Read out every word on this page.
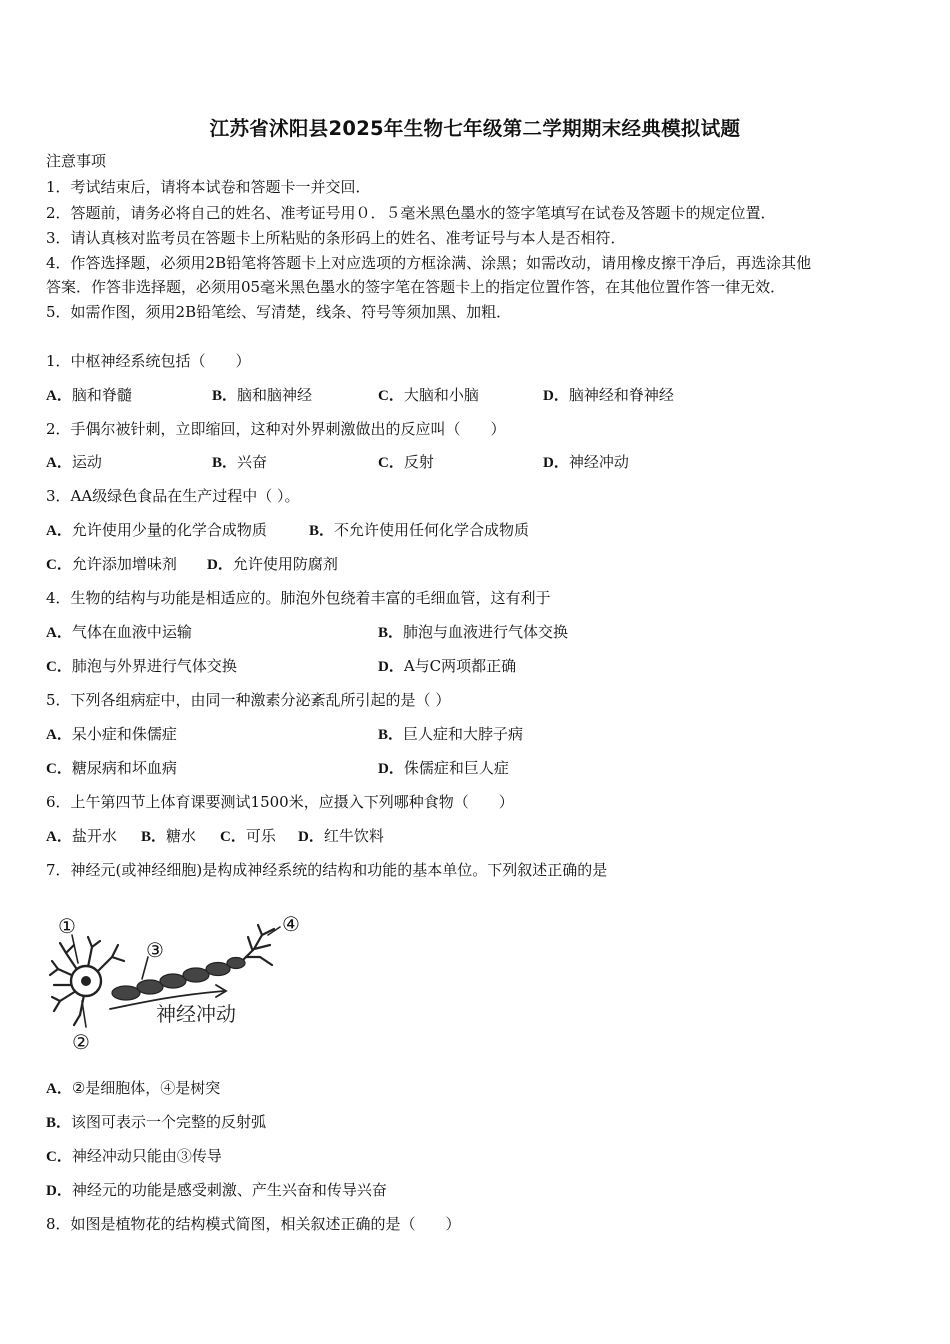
江苏省沭阳县2025年生物七年级第二学期期末经典模拟试题
注意事项
1．考试结束后，请将本试卷和答题卡一并交回．
2．答题前，请务必将自己的姓名、准考证号用０．５毫米黑色墨水的签字笔填写在试卷及答题卡的规定位置．
3．请认真核对监考员在答题卡上所粘贴的条形码上的姓名、准考证号与本人是否相符．
4．作答选择题，必须用2B铅笔将答题卡上对应选项的方框涂满、涂黑；如需改动，请用橡皮擦干净后，再选涂其他
答案．作答非选择题，必须用05毫米黑色墨水的签字笔在答题卡上的指定位置作答，在其他位置作答一律无效．
5．如需作图，须用2B铅笔绘、写清楚，线条、符号等须加黑、加粗．
1．中枢神经系统包括（　　）
A．脑和脊髓	B．脑和脑神经	C．大脑和小脑	D．脑神经和脊神经
2．手偶尔被针刺，立即缩回，这种对外界刺激做出的反应叫（　　）
A．运动	B．兴奋	C．反射	D．神经冲动
3．AA级绿色食品在生产过程中（ ）。
A．允许使用少量的化学合成物质	B．不允许使用任何化学合成物质
C．允许添加增味剂 D．允许使用防腐剂
4．生物的结构与功能是相适应的。肺泡外包绕着丰富的毛细血管，这有利于
A．气体在血液中运输	B．肺泡与血液进行气体交换
C．肺泡与外界进行气体交换	D．A与C两项都正确
5．下列各组病症中，由同一种激素分泌紊乱所引起的是（ ）
A．呆小症和侏儒症	B．巨人症和大脖子病
C．糖尿病和坏血病	D．侏儒症和巨人症
6．上午第四节上体育课要测试1500米，应摄入下列哪种食物（　　）
A．盐开水 B．糖水 C．可乐 D．红牛饮料
7．神经元(或神经细胞)是构成神经系统的结构和功能的基本单位。下列叙述正确的是
①
②
③
④
神经冲动
A．②是细胞体，④是树突
B．该图可表示一个完整的反射弧
C．神经冲动只能由③传导
D．神经元的功能是感受刺激、产生兴奋和传导兴奋
8．如图是植物花的结构模式简图，相关叙述正确的是（　　）
